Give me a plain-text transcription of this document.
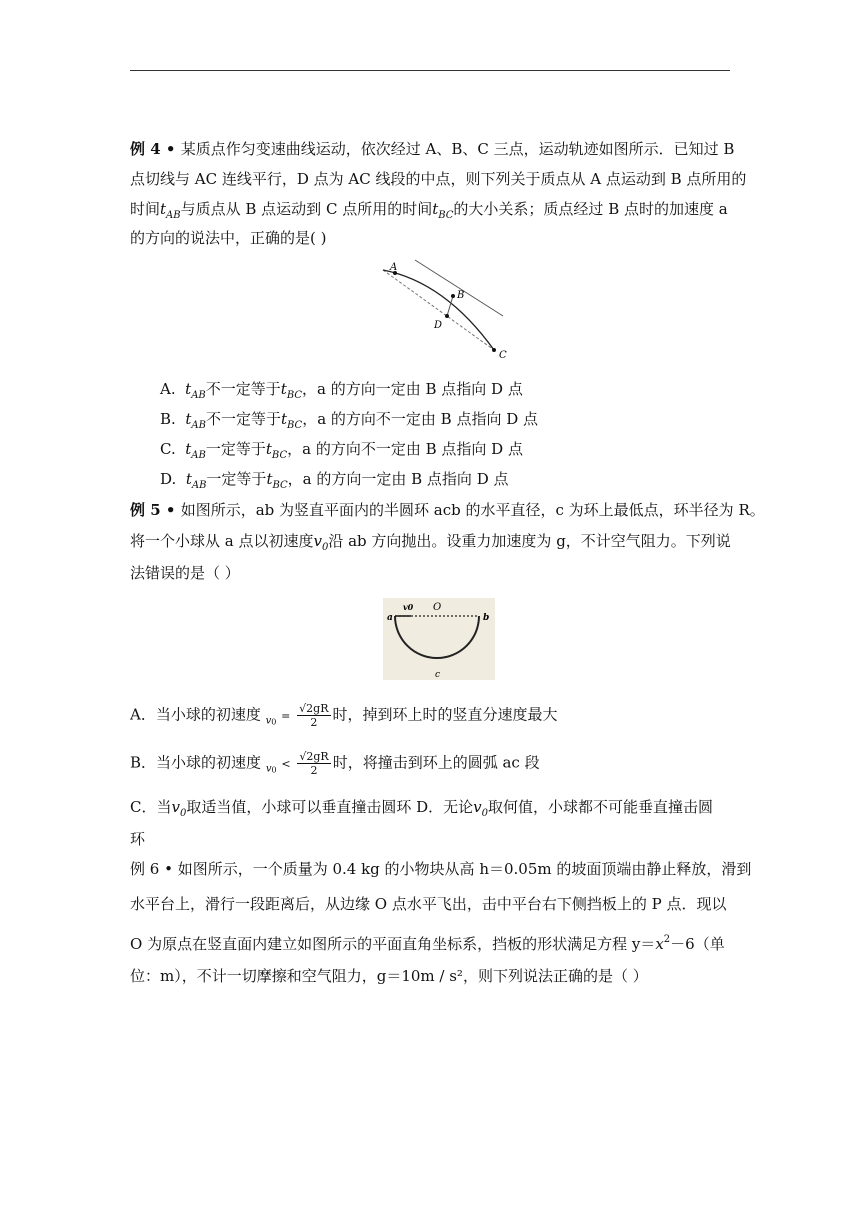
例 4 • 某质点作匀变速曲线运动，依次经过 A、B、C 三点，运动轨迹如图所示．已知过 B
点切线与 AC 连线平行，D 点为 AC 线段的中点，则下列关于质点从 A 点运动到 B 点所用的
时间$t_{AB}$与质点从 B 点运动到 C 点所用的时间$t_{BC}$的大小关系；质点经过 B 点时的加速度 a
的方向的说法中，正确的是( )
A
B
D
C
A. $t_{AB}$不一定等于$t_{BC}$，a 的方向一定由 B 点指向 D 点
B. $t_{AB}$不一定等于$t_{BC}$，a 的方向不一定由 B 点指向 D 点
C. $t_{AB}$一定等于$t_{BC}$，a 的方向不一定由 B 点指向 D 点
D. $t_{AB}$一定等于$t_{BC}$，a 的方向一定由 B 点指向 D 点
例 5 • 如图所示，ab 为竖直平面内的半圆环 acb 的水平直径，c 为环上最低点，环半径为 R。
将一个小球从 a 点以初速度$v_0$沿 ab 方向抛出。设重力加速度为 g，不计空气阻力。下列说
法错误的是（ ）
a	b
O
v0
c
A．当小球的初速度 $_{v0} = \frac{√2gR}{2}$ 时，掉到环上时的竖直分速度最大
B．当小球的初速度 $_{v0} < \frac{√2gR}{2}$ 时，将撞击到环上的圆弧 ac 段
C．当$v_0$取适当值，小球可以垂直撞击圆环 D．无论$v_0$取何值，小球都不可能垂直撞击圆
环
例 6 • 如图所示，一个质量为 0.4 kg 的小物块从高 h＝0.05m 的坡面顶端由静止释放，滑到
水平台上，滑行一段距离后，从边缘 O 点水平飞出，击中平台右下侧挡板上的 P 点．现以
O 为原点在竖直面内建立如图所示的平面直角坐标系，挡板的形状满足方程 $y=x^2-6$（单
位：m），不计一切摩擦和空气阻力，g＝10m / s²，则下列说法正确的是（ ）
